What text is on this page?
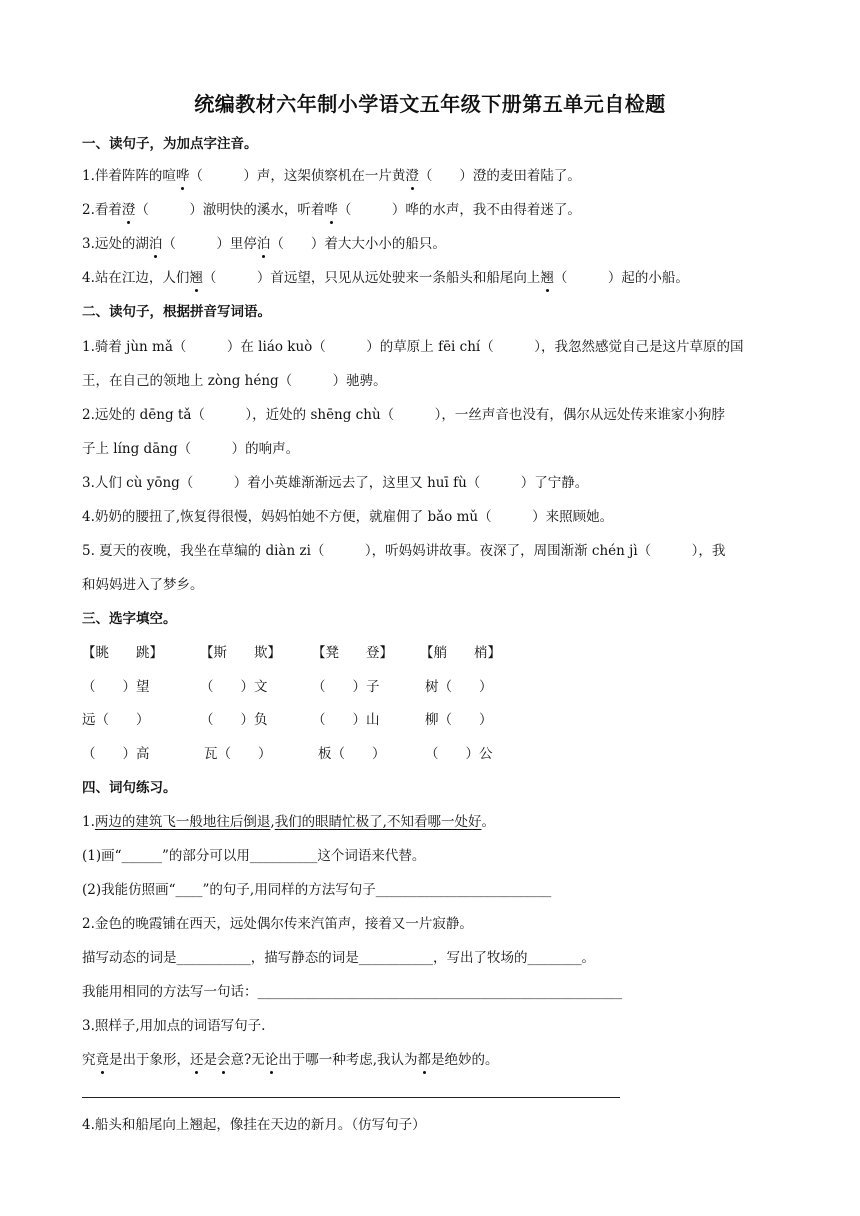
统编教材六年制小学语文五年级下册第五单元自检题
一、读句子，为加点字注音。
1.伴着阵阵的喧哗（　　　）声，这架侦察机在一片黄澄（　　）澄的麦田着陆了。
2.看着澄（　　　）澈明快的溪水，听着哗（　　　）哗的水声，我不由得着迷了。
3.远处的湖泊（　　　）里停泊（　　）着大大小小的船只。
4.站在江边，人们翘（　　　）首远望，只见从远处驶来一条船头和船尾向上翘（　　　）起的小船。
二、读句子，根据拼音写词语。
1.骑着 jùn mǎ（　　　）在 liáo kuò（　　　）的草原上 fēi chí（　　　），我忽然感觉自己是这片草原的国
王，在自己的领地上 zòng héng（　　　）驰骋。
2.远处的 dēng tǎ（　　　），近处的 shēng chù（　　　），一丝声音也没有，偶尔从远处传来谁家小狗脖
子上 líng dāng（　　　）的响声。
3.人们 cù yōng（　　　）着小英雄渐渐远去了，这里又 huī fù（　　　）了宁静。
4.奶奶的腰扭了,恢复得很慢，妈妈怕她不方便，就雇佣了 bǎo mǔ（　　　）来照顾她。
5. 夏天的夜晚，我坐在草编的 diàn zi（　　　），听妈妈讲故事。夜深了，周围渐渐 chén jì（　　　），我
和妈妈进入了梦乡。
三、选字填空。
【眺　　跳】	【斯　　欺】 【凳　　登】 【艄　　梢】
（　　）望	（　　）文	（　　）子	树（　　）
远（　　）	（　　）负	（　　）山	柳（　　）
（　　）高	瓦（　　）	板（　　）	（　　）公
四、词句练习。
1.两边的建筑飞一般地往后倒退,我们的眼睛忙极了,不知看哪一处好。
(1)画“______”的部分可以用__________这个词语来代替。
(2)我能仿照画“____”的句子,用同样的方法写句子__________________________
2.金色的晚霞铺在西天，远处偶尔传来汽笛声，接着又一片寂静。
描写动态的词是___________，描写静态的词是___________，写出了牧场的________。
我能用相同的方法写一句话：______________________________________________________
3.照样子,用加点的词语写句子.
究竟是出于象形，还是会意?无论出于哪一种考虑,我认为都是绝妙的。
4.船头和船尾向上翘起，像挂在天边的新月。（仿写句子）
